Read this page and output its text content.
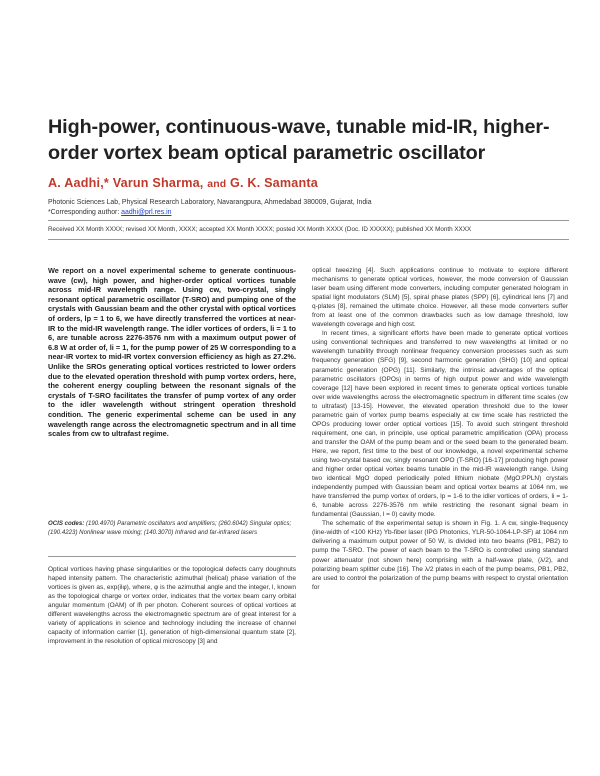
High-power, continuous-wave, tunable mid-IR, higher-order vortex beam optical parametric oscillator
A. Aadhi,* Varun Sharma, and G. K. Samanta

Photonic Sciences Lab, Physical Research Laboratory, Navarangpura, Ahmedabad 380009, Gujarat, India

*Corresponding author: aadhi@prl.res.in

Received XX Month XXXX; revised XX Month, XXXX; accepted XX Month XXXX; posted XX Month XXXX (Doc. ID XXXXX); published XX Month XXXX

We report on a novel experimental scheme to generate continuous-wave (cw), high power, and higher-order optical vortices tunable across mid-IR wavelength range. Using cw, two-crystal, singly resonant optical parametric oscillator (T-SRO) and pumping one of the crystals with Gaussian beam and the other crystal with optical vortices of orders, lp = 1 to 6, we have directly transferred the vortices at near-IR to the mid-IR wavelength range. The idler vortices of orders, li = 1 to 6, are tunable across 2276-3576 nm with a maximum output power of 6.8 W at order of, li = 1, for the pump power of 25 W corresponding to a near-IR vortex to mid-IR vortex conversion efficiency as high as 27.2%. Unlike the SROs generating optical vortices restricted to lower orders due to the elevated operation threshold with pump vortex orders, here, the coherent energy coupling between the resonant signals of the crystals of T-SRO facilitates the transfer of pump vortex of any order to the idler wavelength without stringent operation threshold condition. The generic experimental scheme can be used in any wavelength range across the electromagnetic spectrum and in all time scales from cw to ultrafast regime.

OCIS codes: (190.4970) Parametric oscillators and amplifiers; (260.6042) Singular optics; (190.4223) Nonlinear wave mixing; (140.3070) Infrared and far-infrared lasers

Optical vortices having phase singularities or the topological defects carry doughnuts haped intensity pattern. The characteristic azimuthal (helical) phase variation of the vortices is given as, exp(ilφ), where, φ is the azimuthal angle and the integer, l, known as the topological charge or vortex order, indicates that the vortex beam carry orbital angular momentum (OAM) of lħ per photon. Coherent sources of optical vortices at different wavelengths across the electromagnetic spectrum are of great interest for a variety of applications in science and technology including the increase of channel capacity of information carrier [1], generation of high-dimensional quantum state [2], improvement in the resolution of optical microscopy [3] and

optical tweezing [4]. Such applications continue to motivate to explore different mechanisms to generate optical vortices, however, the mode conversion of Gaussian laser beam using different mode converters, including computer generated hologram in spatial light modulators (SLM) [5], spiral phase plates (SPP) [6], cylindrical lens [7] and q-plates [8], remained the ultimate choice. However, all these mode converters suffer from at least one of the common drawbacks such as low damage threshold, low wavelength coverage and high cost.

In recent times, a significant efforts have been made to generate optical vortices using conventional techniques and transferred to new wavelengths at limited or no wavelength tunability through nonlinear frequency conversion processes such as sum frequency generation (SFG) [9], second harmonic generation (SHG) [10] and optical parametric generation (OPG) [11]. Similarly, the intrinsic advantages of the optical parametric oscillators (OPOs) in terms of high output power and wide wavelength coverage [12] have been explored in recent times to generate optical vortices tunable over wide wavelengths across the electromagnetic spectrum in different time scales (cw to ultrafast) [13-15]. However, the elevated operation threshold due to the lower parametric gain of vortex pump beams especially at cw time scale has restricted the OPOs producing lower order optical vortices [15]. To avoid such stringent threshold requirement, one can, in principle, use optical parametric amplification (OPA) process and transfer the OAM of the pump beam and or the seed beam to the generated beam. Here, we report, first time to the best of our knowledge, a novel experimental scheme using two-crystal based cw, singly resonant OPO (T-SRO) [16-17] producing high power and higher order optical vortex beams tunable in the mid-IR wavelength range. Using two identical MgO doped periodically poled lithium niobate (MgO:PPLN) crystals independently pumped with Gaussian beam and optical vortex beams at 1064 nm, we have transferred the pump vortex of orders, lp = 1-6 to the idler vortices of orders, li = 1-6, tunable across 2276-3576 nm while restricting the resonant signal beam in fundamental (Gaussian, l = 0) cavity mode.

The schematic of the experimental setup is shown in Fig. 1. A cw, single-frequency (line-width of <100 KHz) Yb-fiber laser (IPG Photonics, YLR-50-1064-LP-SF) at 1064 nm delivering a maximum output power of 50 W, is divided into two beams (PB1, PB2) to pump the T-SRO. The power of each beam to the T-SRO is controlled using standard power attenuator (not shown here) comprising with a half-wave plate, (λ/2), and polarizing beam splitter cube [16]. The λ/2 plates in each of the pump beams, PB1, PB2, are used to control the polarization of the pump beams with respect to crystal orientation for
